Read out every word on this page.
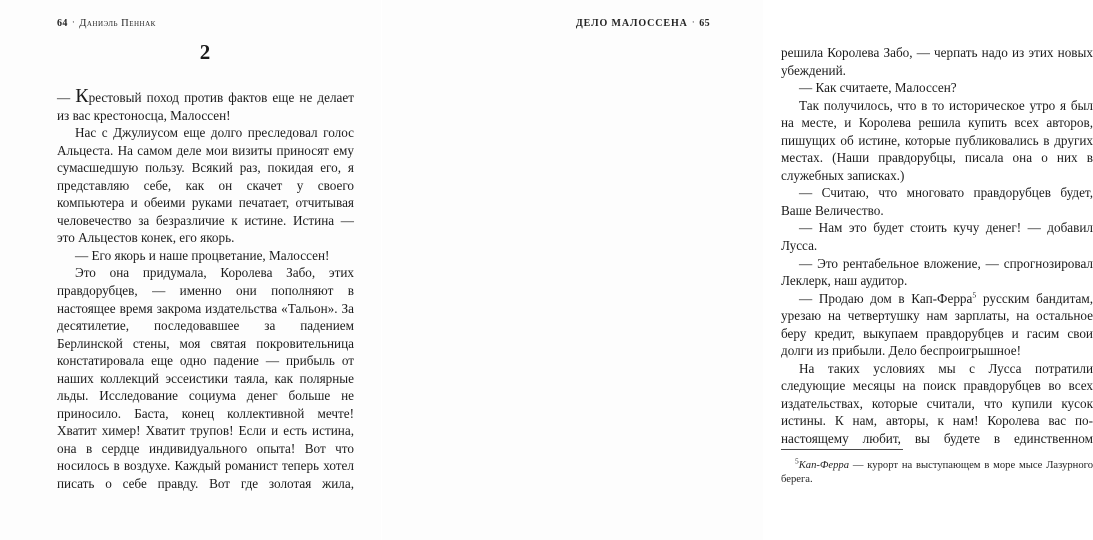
64 · Даниэль Пеннак
2

— Крестовый поход против фактов еще не делает из вас крестоносца, Малоссен!

Нас с Джулиусом еще долго преследовал голос Альцеста. На самом деле мои визиты приносят ему сумасшедшую пользу. Всякий раз, покидая его, я представляю себе, как он скачет у своего компьютера и обеими руками печатает, отчитывая человечество за безразличие к истине. Истина — это Альцестов конек, его якорь.

— Его якорь и наше процветание, Малоссен!

Это она придумала, Королева Забо, этих правдорубцев, — именно они пополняют в настоящее время закрома издательства «Тальон». За десятилетие, последовавшее за падением Берлинской стены, моя святая покровительница констатировала еще одно падение — прибыль от наших коллекций эссеистики таяла, как полярные льды. Исследование социума денег больше не приносило. Баста, конец коллективной мечте! Хватит химер! Хватит трупов! Если и есть истина, она в сердце индивидуального опыта! Вот что носилось в воздухе. Каждый романист теперь хотел писать о себе правду. Вот где золотая жила,

ДЕЛО МАЛОССЕНА · 65

решила Королева Забо, — черпать надо из этих новых убеждений.

— Как считаете, Малоссен?

Так получилось, что в то историческое утро я был на месте, и Королева решила купить всех авторов, пишущих об истине, которые публиковались в других местах. (Наши правдорубцы, писала она о них в служебных записках.)

— Считаю, что многовато правдорубцев будет, Ваше Величество.

— Нам это будет стоить кучу денег! — добавил Лусса.

— Это рентабельное вложение, — спрогнозировал Леклерк, наш аудитор.

— Продаю дом в Кап-Ферра$^5$ русским бандитам, урезаю на четвертушку нам зарплаты, на остальное беру кредит, выкупаем правдорубцев и гасим свои долги из прибыли. Дело беспроигрышное!

На таких условиях мы с Лусса потратили следующие месяцы на поиск правдорубцев во всех издательствах, которые считали, что купили кусок истины. К нам, авторы, к нам! Королева вас по-настоящему любит, вы будете в единственном

$^5$Кап-Ферра — курорт на выступающем в море мысе Лазурного берега.
